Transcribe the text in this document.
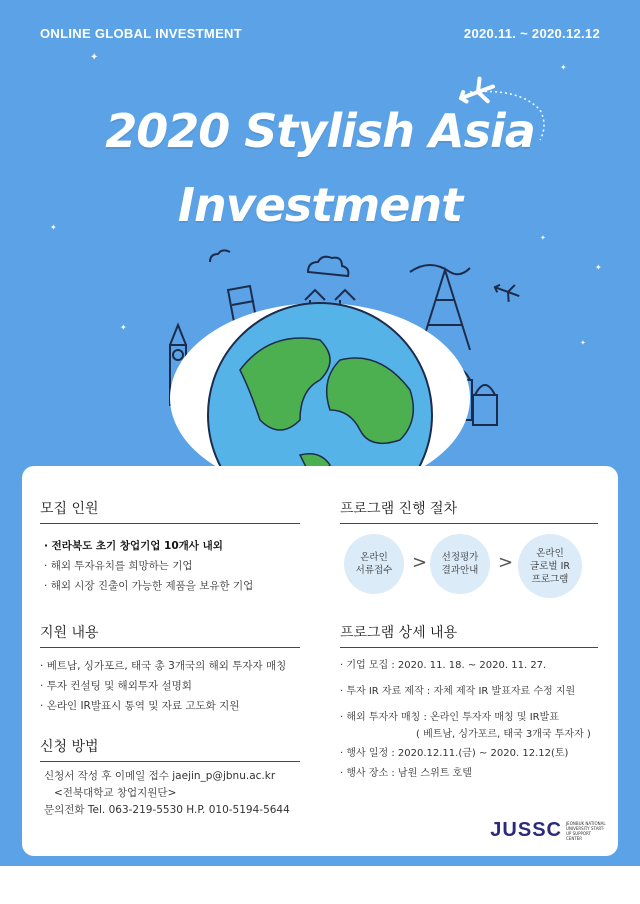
ONLINE GLOBAL INVESTMENT	2020.11. ~ 2020.12.12
✦
✦
✦
✦
✦
✦
✦
2020 Stylish Asia
Investment
모집 인원
· 전라북도 초기 창업기업 10개사 내외
· 해외 투자유치를 희망하는 기업
· 해외 시장 진출이 가능한 제품을 보유한 기업
지원 내용
· 베트남, 싱가포르, 태국 총 3개국의 해외 투자자 매칭
· 투자 컨설팅 및 해외투자 설명회
· 온라인 IR발표시 통역 및 자료 고도화 지원
신청 방법
신청서 작성 후 이메일 접수 jaejin_p@jbnu.ac.kr
<전북대학교 창업지원단>
문의전화 Tel. 063-219-5530 H.P. 010-5194-5644
프로그램 진행 절차
온라인
서류접수 > 선정평가
결과안내 >	온라인
글로벌 IR
프로그램
프로그램 상세 내용
· 기업 모집 : 2020. 11. 18. ~ 2020. 11. 27.
· 투자 IR 자료 제작 : 자체 제작 IR 발표자료 수정 지원
· 해외 투자자 매칭 : 온라인 투자자 매칭 및 IR발표
( 베트남, 싱가포르, 태국 3개국 투자자 )
· 행사 일정 : 2020.12.11.(금) ~ 2020. 12.12(토)
· 행사 장소 : 남원 스위트 호텔
JUSSC JEONBUK NATIONAL UNIVERSITY START-UP SUPPORT CENTER
